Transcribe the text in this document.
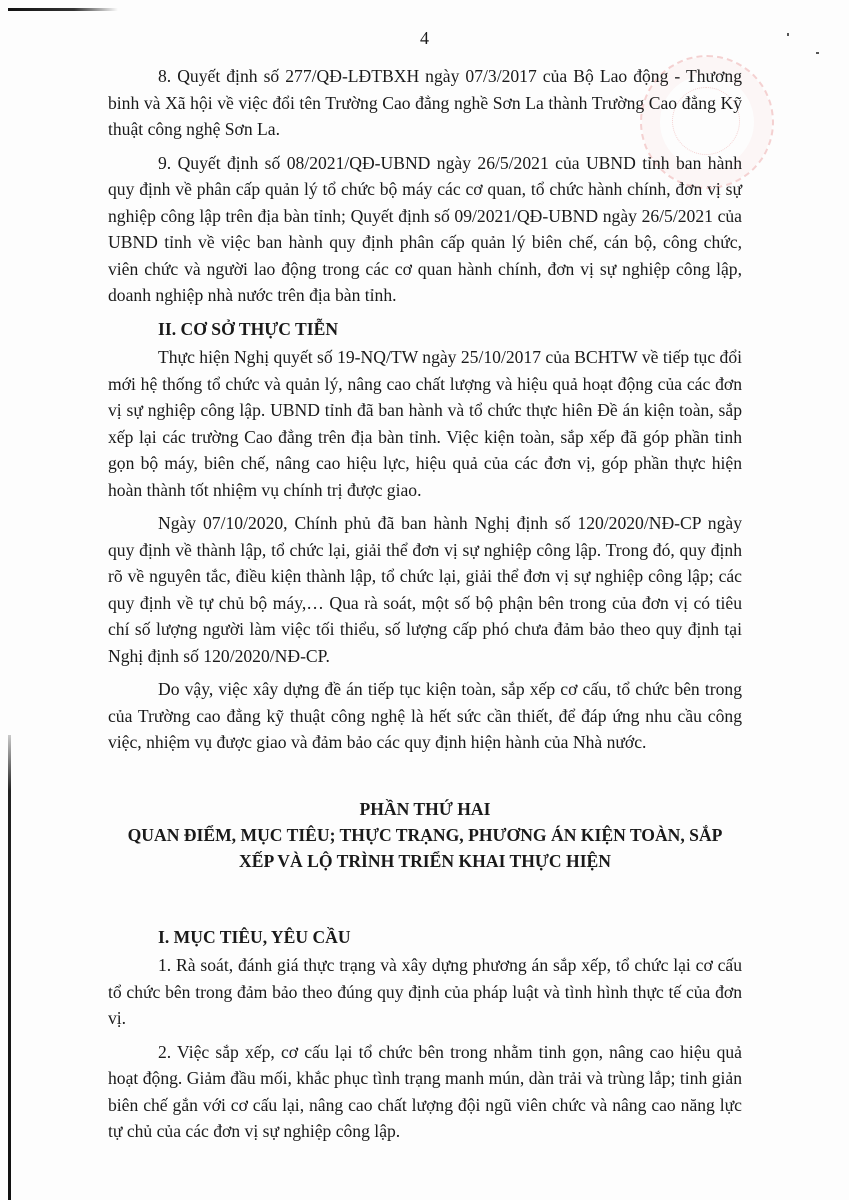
4

8. Quyết định số 277/QĐ-LĐTBXH ngày 07/3/2017 của Bộ Lao động - Thương binh và Xã hội về việc đổi tên Trường Cao đẳng nghề Sơn La thành Trường Cao đẳng Kỹ thuật công nghệ Sơn La.

9. Quyết định số 08/2021/QĐ-UBND ngày 26/5/2021 của UBND tỉnh ban hành quy định về phân cấp quản lý tổ chức bộ máy các cơ quan, tổ chức hành chính, đơn vị sự nghiệp công lập trên địa bàn tỉnh; Quyết định số 09/2021/QĐ-UBND ngày 26/5/2021 của UBND tỉnh về việc ban hành quy định phân cấp quản lý biên chế, cán bộ, công chức, viên chức và người lao động trong các cơ quan hành chính, đơn vị sự nghiệp công lập, doanh nghiệp nhà nước trên địa bàn tỉnh.

II. CƠ SỞ THỰC TIỄN

Thực hiện Nghị quyết số 19-NQ/TW ngày 25/10/2017 của BCHTW về tiếp tục đổi mới hệ thống tổ chức và quản lý, nâng cao chất lượng và hiệu quả hoạt động của các đơn vị sự nghiệp công lập. UBND tỉnh đã ban hành và tổ chức thực hiên Đề án kiện toàn, sắp xếp lại các trường Cao đẳng trên địa bàn tỉnh. Việc kiện toàn, sắp xếp đã góp phần tinh gọn bộ máy, biên chế, nâng cao hiệu lực, hiệu quả của các đơn vị, góp phần thực hiện hoàn thành tốt nhiệm vụ chính trị được giao.

Ngày 07/10/2020, Chính phủ đã ban hành Nghị định số 120/2020/NĐ-CP ngày quy định về thành lập, tổ chức lại, giải thể đơn vị sự nghiệp công lập. Trong đó, quy định rõ về nguyên tắc, điều kiện thành lập, tổ chức lại, giải thể đơn vị sự nghiệp công lập; các quy định về tự chủ bộ máy,… Qua rà soát, một số bộ phận bên trong của đơn vị có tiêu chí số lượng người làm việc tối thiểu, số lượng cấp phó chưa đảm bảo theo quy định tại Nghị định số 120/2020/NĐ-CP.

Do vậy, việc xây dựng đề án tiếp tục kiện toàn, sắp xếp cơ cấu, tổ chức bên trong của Trường cao đẳng kỹ thuật công nghệ là hết sức cần thiết, để đáp ứng nhu cầu công việc, nhiệm vụ được giao và đảm bảo các quy định hiện hành của Nhà nước.

PHẦN THỨ HAI
QUAN ĐIỂM, MỤC TIÊU; THỰC TRẠNG, PHƯƠNG ÁN KIỆN TOÀN, SẮP XẾP VÀ LỘ TRÌNH TRIỂN KHAI THỰC HIỆN

I. MỤC TIÊU, YÊU CẦU

1. Rà soát, đánh giá thực trạng và xây dựng phương án sắp xếp, tổ chức lại cơ cấu tổ chức bên trong đảm bảo theo đúng quy định của pháp luật và tình hình thực tế của đơn vị.

2. Việc sắp xếp, cơ cấu lại tổ chức bên trong nhằm tinh gọn, nâng cao hiệu quả hoạt động. Giảm đầu mối, khắc phục tình trạng manh mún, dàn trải và trùng lắp; tinh giản biên chế gắn với cơ cấu lại, nâng cao chất lượng đội ngũ viên chức và nâng cao năng lực tự chủ của các đơn vị sự nghiệp công lập.
